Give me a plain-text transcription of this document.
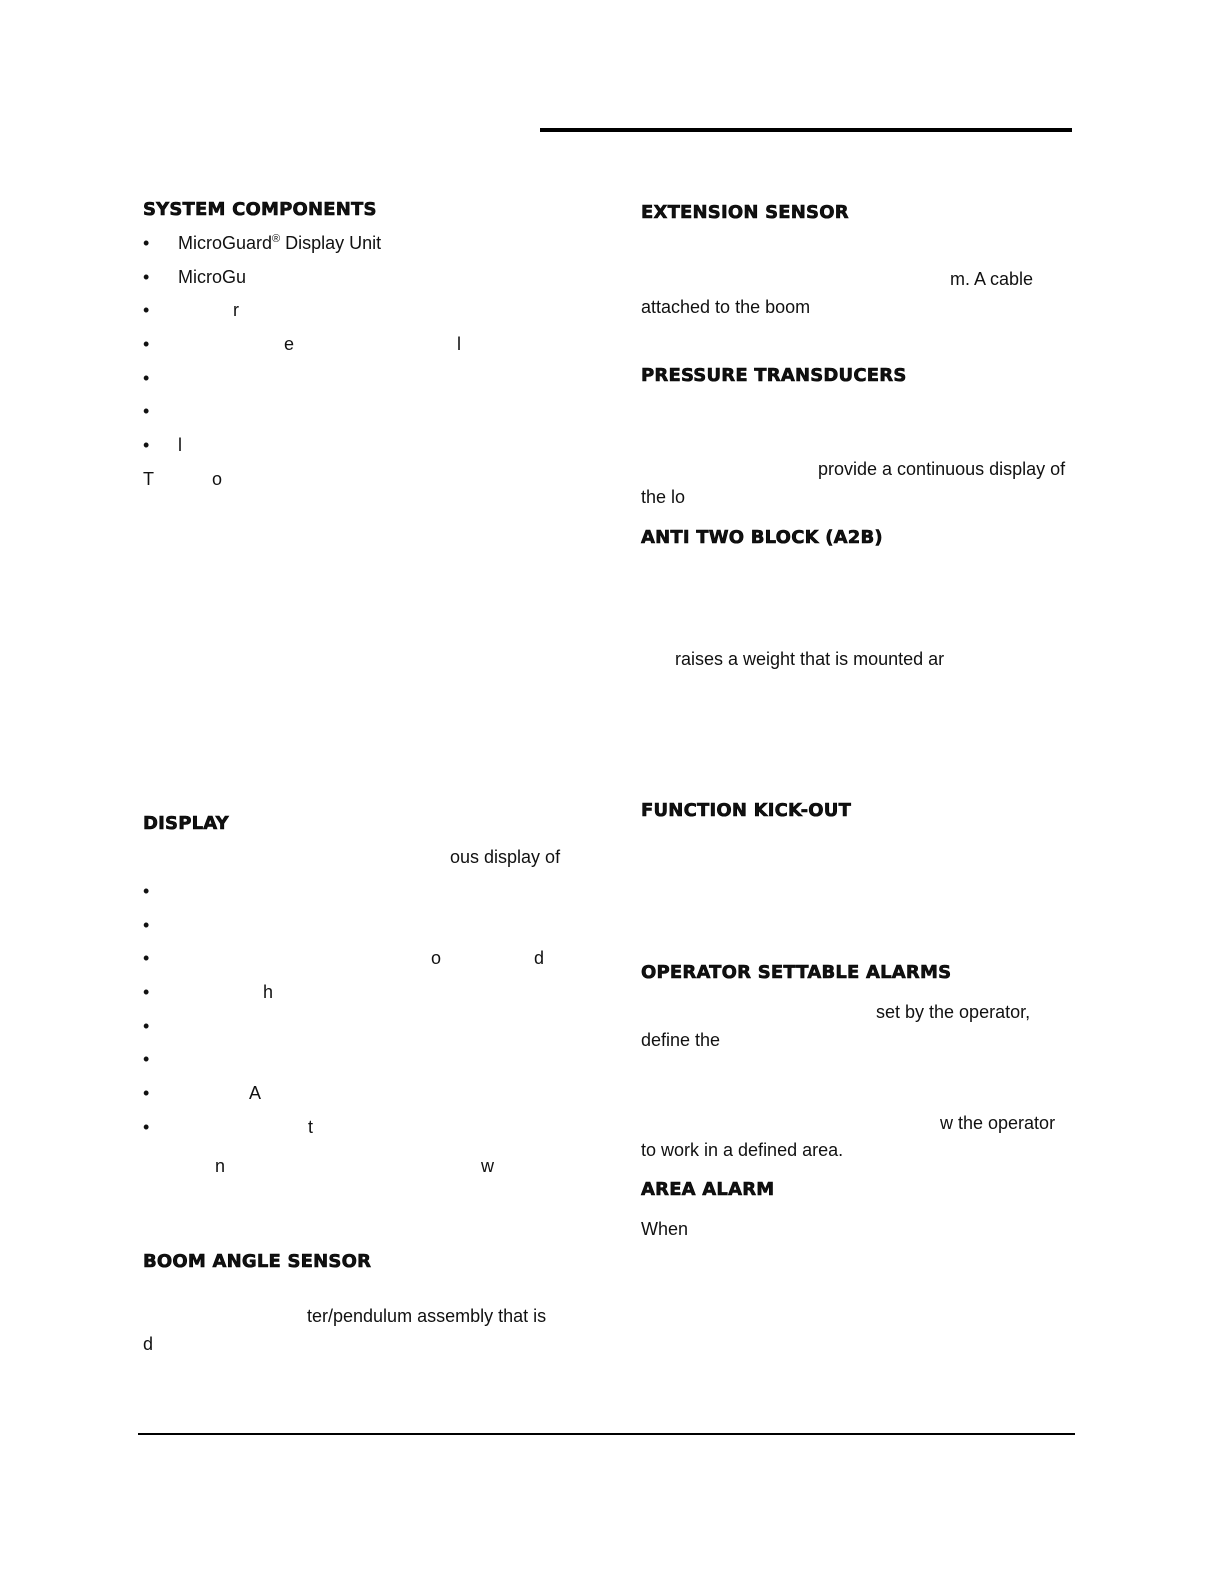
SYSTEM COMPONENTS
• MicroGuard® Display Unit
• MicroGu
•	r
•	e	l
•
•
• l
T	o
DISPLAY
ous display of
•
•
•	o	d
•	h
•
•
•	A
•	t
n	w
BOOM ANGLE SENSOR
ter/pendulum assembly that is
d
EXTENSION SENSOR
m. A cable
attached to the boom
PRESSURE TRANSDUCERS
provide a continuous display of
the lo
ANTI TWO BLOCK (A2B)
raises a weight that is mounted ar
FUNCTION KICK-OUT
OPERATOR SETTABLE ALARMS
set by the operator,
define the
w the operator
to work in a defined area.
AREA ALARM
When
